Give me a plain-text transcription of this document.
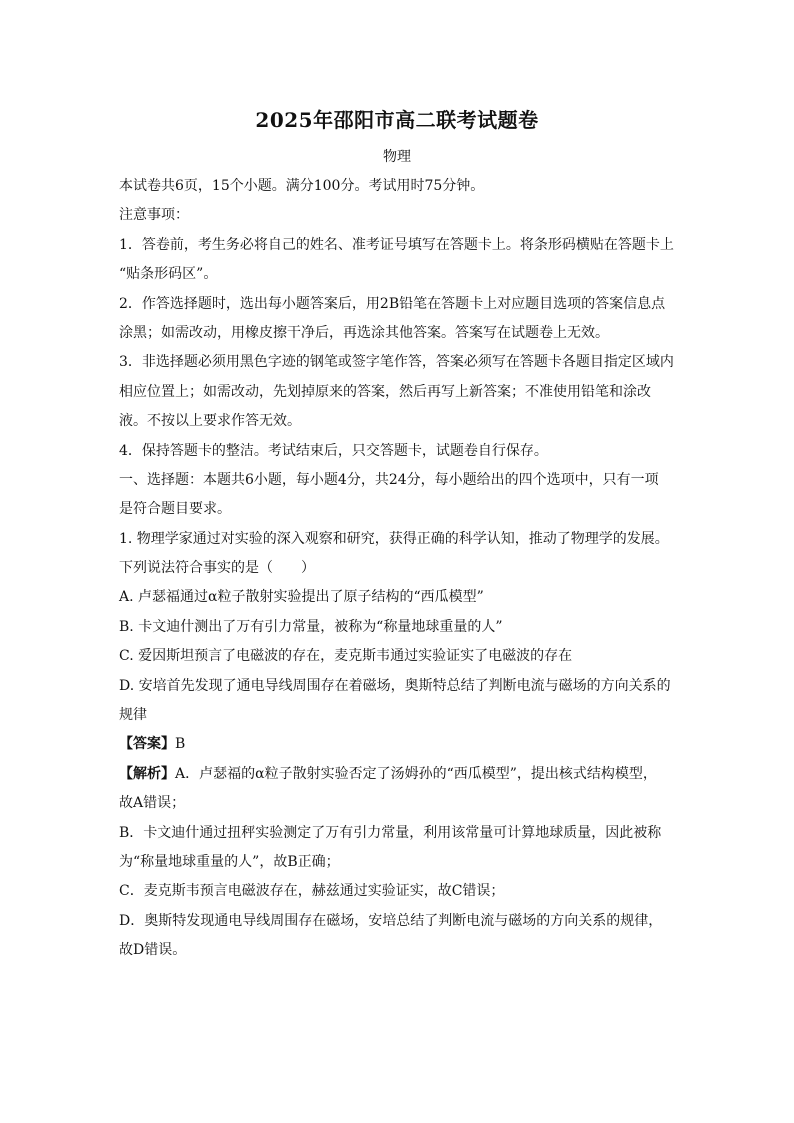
2025年邵阳市高二联考试题卷
物理
本试卷共6页，15个小题。满分100分。考试用时75分钟。
注意事项：
1．答卷前，考生务必将自己的姓名、准考证号填写在答题卡上。将条形码横贴在答题卡上
“贴条形码区”。
2．作答选择题时，选出每小题答案后，用2B铅笔在答题卡上对应题目选项的答案信息点
涂黑；如需改动，用橡皮擦干净后，再选涂其他答案。答案写在试题卷上无效。
3．非选择题必须用黑色字迹的钢笔或签字笔作答，答案必须写在答题卡各题目指定区域内
相应位置上；如需改动，先划掉原来的答案，然后再写上新答案；不准使用铅笔和涂改
液。不按以上要求作答无效。
4．保持答题卡的整洁。考试结束后，只交答题卡，试题卷自行保存。
一、选择题：本题共6小题，每小题4分，共24分，每小题给出的四个选项中，只有一项
是符合题目要求。
1. 物理学家通过对实验的深入观察和研究，获得正确的科学认知，推动了物理学的发展。
下列说法符合事实的是（　　）
A. 卢瑟福通过α粒子散射实验提出了原子结构的“西瓜模型”
B. 卡文迪什测出了万有引力常量，被称为“称量地球重量的人”
C. 爱因斯坦预言了电磁波的存在，麦克斯韦通过实验证实了电磁波的存在
D. 安培首先发现了通电导线周围存在着磁场，奥斯特总结了判断电流与磁场的方向关系的
规律
【答案】B
【解析】A．卢瑟福的α粒子散射实验否定了汤姆孙的“西瓜模型”，提出核式结构模型，
故A错误；
B．卡文迪什通过扭秤实验测定了万有引力常量，利用该常量可计算地球质量，因此被称
为“称量地球重量的人”，故B正确；
C．麦克斯韦预言电磁波存在，赫兹通过实验证实，故C错误；
D．奥斯特发现通电导线周围存在磁场，安培总结了判断电流与磁场的方向关系的规律，
故D错误。
